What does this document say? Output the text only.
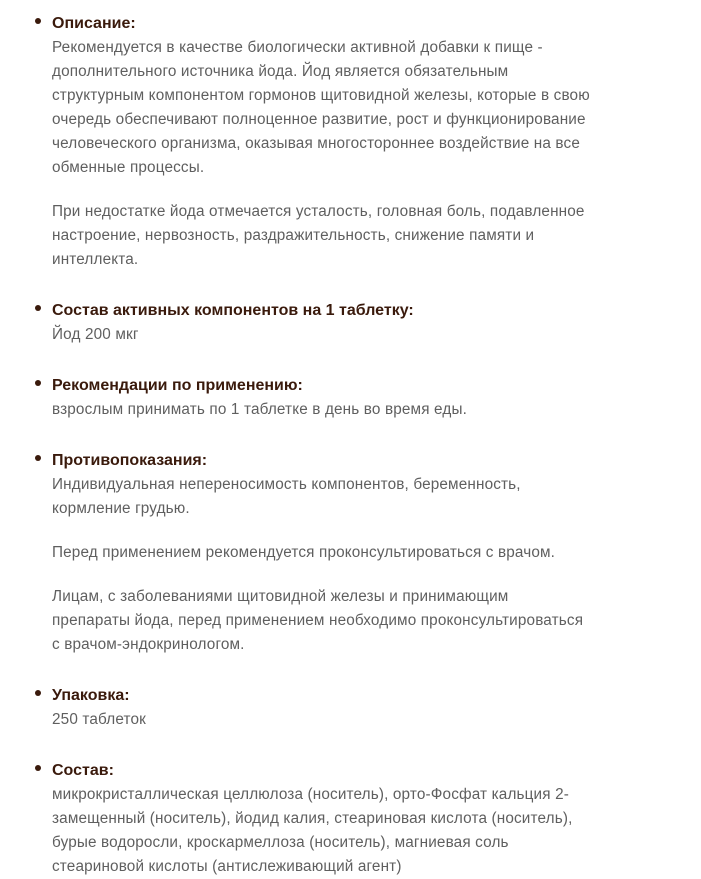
Описание:

Рекомендуется в качестве биологически активной добавки к пище -
дополнительного источника йода. Йод является обязательным
структурным компонентом гормонов щитовидной железы, которые в свою
очередь обеспечивают полноценное развитие, рост и функционирование
человеческого организма, оказывая многостороннее воздействие на все
обменные процессы.

При недостатке йода отмечается усталость, головная боль, подавленное
настроение, нервозность, раздражительность, снижение памяти и
интеллекта.

Состав активных компонентов на 1 таблетку:

Йод 200 мкг

Рекомендации по применению:

взрослым принимать по 1 таблетке в день во время еды.

Противопоказания:

Индивидуальная непереносимость компонентов, беременность,
кормление грудью.

Перед применением рекомендуется проконсультироваться с врачом.

Лицам, с заболеваниями щитовидной железы и принимающим
препараты йода, перед применением необходимо проконсультироваться
с врачом-эндокринологом.

Упаковка:

250 таблеток

Состав:

микрокристаллическая целлюлоза (носитель), орто-Фосфат кальция 2-
замещенный (носитель), йодид калия, стеариновая кислота (носитель),
бурые водоросли, кроскармеллоза (носитель), магниевая соль
стеариновой кислоты (антислеживающий агент)
